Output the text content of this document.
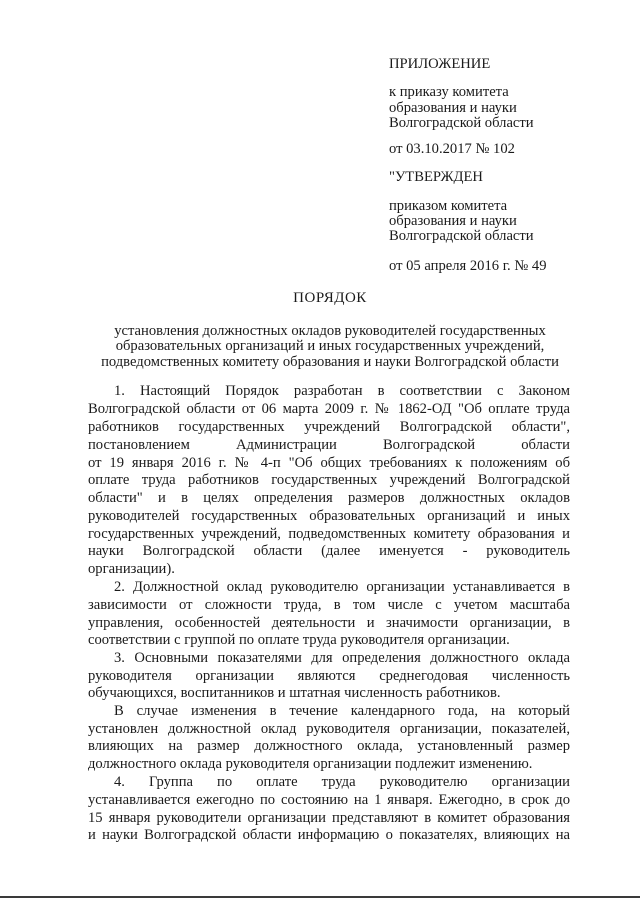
ПРИЛОЖЕНИЕ
к приказу комитета
образования и науки
Волгоградской области
от 03.10.2017 № 102
"УТВЕРЖДЕН
приказом комитета
образования и науки
Волгоградской области
от 05 апреля 2016 г. № 49
ПОРЯДОК
установления должностных окладов руководителей государственных
образовательных организаций и иных государственных учреждений,
подведомственных комитету образования и науки Волгоградской области
1. Настоящий Порядок разработан в соответствии с Законом
Волгоградской области от 06 марта 2009 г. № 1862-ОД "Об оплате труда
работников государственных учреждений Волгоградской области",
постановлением Администрации Волгоградской области
от 19 января 2016 г. № 4-п "Об общих требованиях к положениям об
оплате труда работников государственных учреждений Волгоградской
области" и в целях определения размеров должностных окладов
руководителей государственных образовательных организаций и иных
государственных учреждений, подведомственных комитету образования и
науки Волгоградской области (далее именуется - руководитель
организации).
2. Должностной оклад руководителю организации устанавливается в
зависимости от сложности труда, в том числе с учетом масштаба
управления, особенностей деятельности и значимости организации, в
соответствии с группой по оплате труда руководителя организации.
3. Основными показателями для определения должностного оклада
руководителя организации являются среднегодовая численность
обучающихся, воспитанников и штатная численность работников.
В случае изменения в течение календарного года, на который
установлен должностной оклад руководителя организации, показателей,
влияющих на размер должностного оклада, установленный размер
должностного оклада руководителя организации подлежит изменению.
4. Группа по оплате труда руководителю организации
устанавливается ежегодно по состоянию на 1 января. Ежегодно, в срок до
15 января руководители организации представляют в комитет образования
и науки Волгоградской области информацию о показателях, влияющих на
